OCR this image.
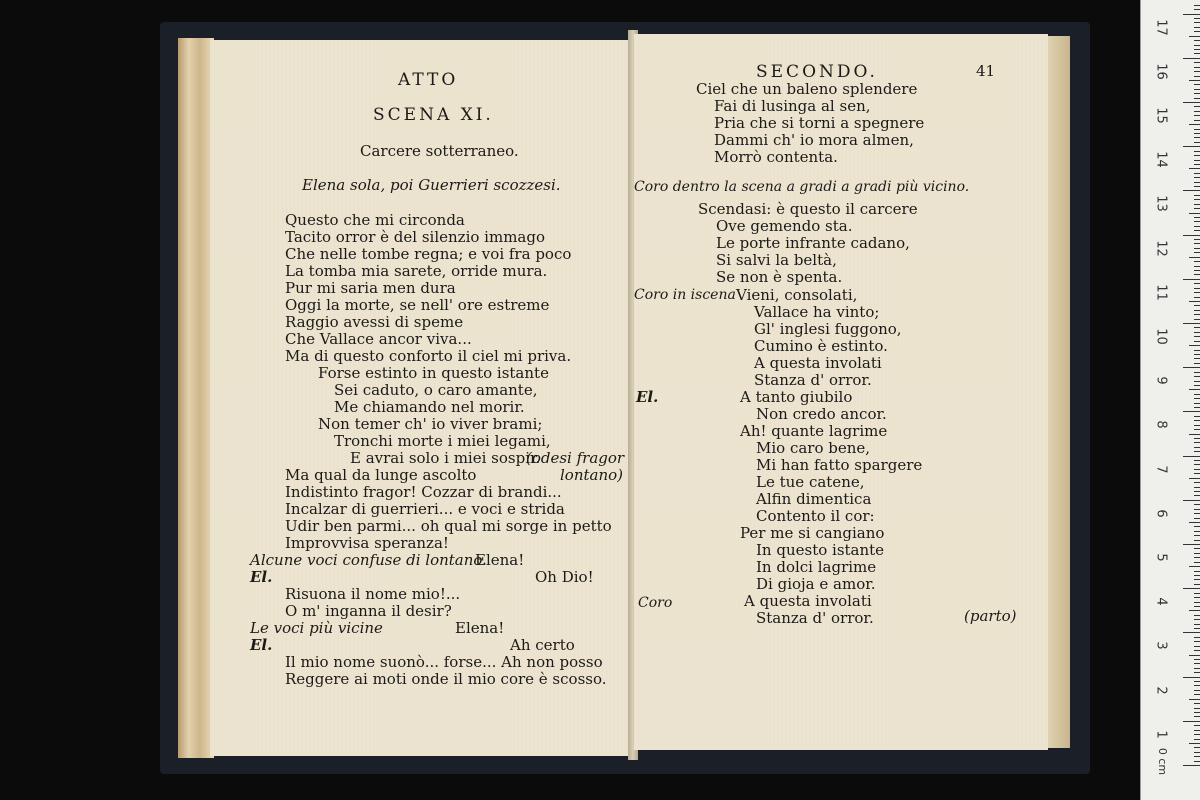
ATTO
SCENA XI.
Carcere sotterraneo.
Elena sola, poi Guerrieri scozzesi.
Questo che mi circonda
Tacito orror è del silenzio immago
Che nelle tombe regna; e voi fra poco
La tomba mia sarete, orride mura.
Pur mi saria men dura
Oggi la morte, se nell' ore estreme
Raggio avessi di speme
Che Vallace ancor viva...
Ma di questo conforto il ciel mi priva.
Forse estinto in questo istante
Sei caduto, o caro amante,
Me chiamando nel morir.
Non temer ch' io viver brami;
Tronchi morte i miei legami,
E avrai solo i miei sospir.
(odesi fragor
Ma qual da lunge ascolto	lontano)
Indistinto fragor! Cozzar di brandi...
Incalzar di guerrieri... e voci e strida
Udir ben parmi... oh qual mi sorge in petto
Improvvisa speranza!
Alcune voci confuse di lontano.
Elena!
El.	Oh Dio!
Risuona il nome mio!...
O m' inganna il desir?
Le voci più vicine	Elena!
El.	Ah certo
Il mio nome suonò... forse... Ah non posso
Reggere ai moti onde il mio core è scosso.
SECONDO.	41
Ciel che un baleno splendere
Fai di lusinga al sen,
Pria che si torni a spegnere
Dammi ch' io mora almen,
Morrò contenta.
Coro dentro la scena a gradi a gradi più vicino.
Scendasi: è questo il carcere
Ove gemendo sta.
Le porte infrante cadano,
Si salvi la beltà,
Se non è spenta.
Coro in iscena Vieni, consolati,
Vallace ha vinto;
Gl' inglesi fuggono,
Cumino è estinto.
A questa involati
Stanza d' orror.
El.	A tanto giubilo
Non credo ancor.
Ah! quante lagrime
Mio caro bene,
Mi han fatto spargere
Le tue catene,
Alfin dimentica
Contento il cor:
Per me si cangiano
In questo istante
In dolci lagrime
Di gioja e amor.
Coro	A questa involati
Stanza d' orror.	(parto)
0 cm
17
16
15
14
13
12
11
10
9
8
7
6
5
4
3
2
1
